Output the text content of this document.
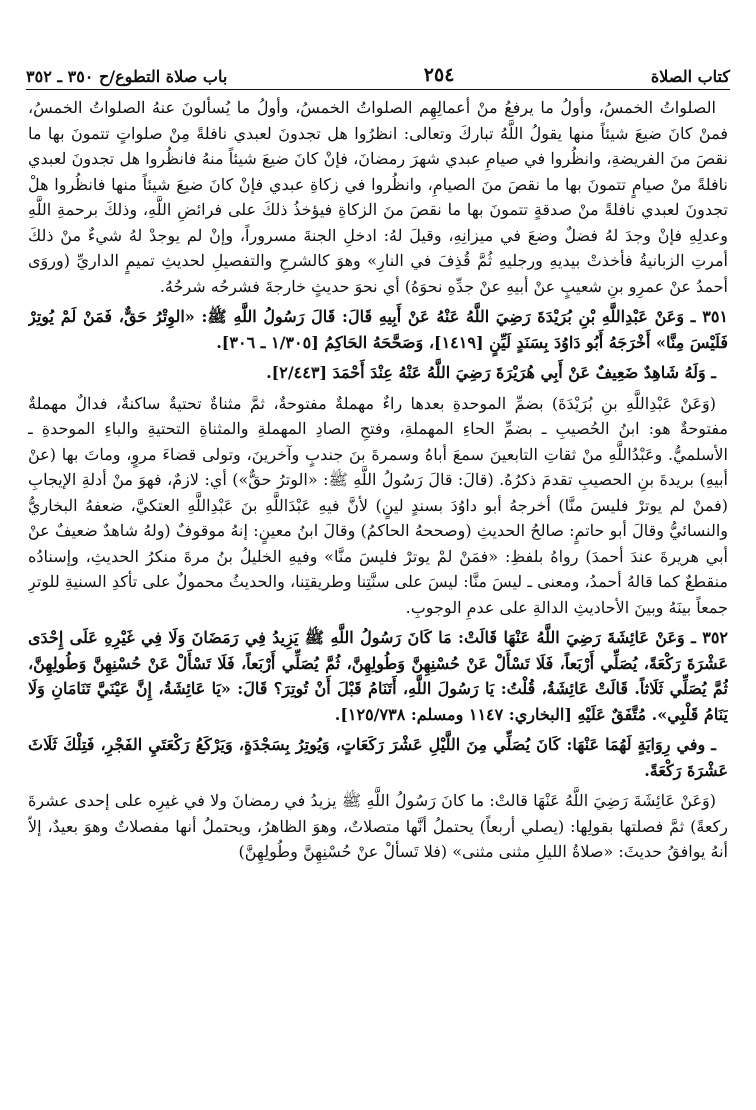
كتاب الصلاة
٢٥٤
باب صلاة التطوع/ح ٣٥٠ ـ ٣٥٢

الصلواتُ الخمسُ، وأولُ ما يرفعُ منْ أعمالِهِم الصلواتُ الخمسُ، وأولُ ما يُسألونَ عنهُ الصلواتُ الخمسُ، فمنْ كانَ ضيعَ شيئاً منها يقولُ اللَّهُ تباركَ وتعالى: انظرُوا هل تجدونَ لعبدي نافلةً مِنْ صلواتٍ تتمونَ بها ما نقصَ منَ الفريضةِ، وانظُروا في صيامِ عبدي شهرَ رمضانَ، فإنْ كانَ ضيعَ شيئاً منهُ فانظُروا هل تجدونَ لعبدي نافلةً منْ صيامٍ تتمونَ بها ما نقصَ منَ الصيامِ، وانظُروا في زكاةِ عبدي فإنْ كانَ ضيعَ شيئاً منها فانظُروا هلْ تجدونَ لعبدي نافلةً منْ صدقةٍ تتمونَ بها ما نقصَ منَ الزكاةِ فيؤخذُ ذلكَ على فرائضِ اللَّهِ، وذلكَ برحمةِ اللَّهِ وعدلِهِ فإنْ وجدَ لهُ فضلٌ وضعَ في ميزانِهِ، وقيلَ لهُ: ادخلِ الجنةَ مسروراً، وإنْ لم يوجدْ لهُ شيءٌ منْ ذلكَ أمرتِ الزبانيةُ فأخذتْ بيديهِ ورجليهِ ثُمَّ قُذِفَ في النارِ» وهوَ كالشرحِ والتفصيلِ لحديثِ تميمٍ الداريِّ (وروَى أحمدُ عنْ عمرِو بنِ شعيبٍ عنْ أبيهِ عنْ جدِّهِ نحوَهُ) أي نحوَ حديثٍ خارجةَ فشرحُه شرحُهُ.

٣٥١ ـ وَعَنْ عَبْدِاللَّهِ بْنِ بُرَيْدَةَ رَضِيَ اللَّهُ عَنْهُ عَنْ أَبِيهِ قَالَ: قَالَ رَسُولُ اللَّهِ ﷺ: «الوِتْرُ حَقٌّ، فَمَنْ لَمْ يُوتِرْ فَلَيْسَ مِنَّا» أَخْرَجَهُ أَبُو دَاوُدَ بِسَنَدٍ لَيِّنٍ [١٤١٩]، وَصَحَّحَهُ الحَاكِمُ [١/٣٠٥ ـ ٣٠٦].

ـ وَلَهُ شَاهِدٌ ضَعِيفٌ عَنْ أَبِي هُرَيْرَةَ رَضِيَ اللَّهُ عَنْهُ عِنْدَ أَحْمَدَ [٢/٤٤٣].

(وَعَنْ عَبْدِاللَّهِ بنِ بُرَيْدَةَ) بضمِّ الموحدةِ بعدها راءٌ مهملةٌ مفتوحةٌ، ثمَّ مثناةٌ تحتيةٌ ساكنةٌ، فدالٌ مهملةٌ مفتوحةٌ هو: ابنُ الحُصيبِ ـ بضمِّ الحاءِ المهملةِ، وفتحِ الصادِ المهملةِ والمثناةِ التحتيةِ والباءِ الموحدةِ ـ الأسلميُّ. وعَبْدُاللَّهِ منْ ثقاتِ التابعينَ سمعَ أباهُ وسمرةَ بنَ جندبٍ وآخرينَ، وتولى قضاءَ مروٍ، وماتَ بها (عنْ أبيهِ) بريدةَ بنِ الحصيبِ تقدمَ ذكرُهُ. (قالَ: قالَ رَسُولُ اللَّهِ ﷺ: «الوترُ حقٌّ») أي: لازمٌ، فهوَ منْ أدلةِ الإيجابِ (فمنْ لم يوترْ فليسَ منَّا) أخرجهُ أبو داوُدَ بسندٍ لينٍ) لأنَّ فيهِ عَبْدَاللَّهِ بنَ عَبْدِاللَّهِ العتكيَّ، ضعفهُ البخاريُّ والنسائيُّ وقالَ أبو حاتمٍ: صالحُ الحديثِ (وصححهُ الحاكمُ) وقالَ ابنُ معينٍ: إنهُ موقوفٌ (ولهُ شاهدٌ ضعيفٌ عنْ أبي هريرةَ عندَ أحمدَ) رواهُ بلفظِ: «فمَنْ لمْ يوترْ فليسَ منَّا» وفيهِ الخليلُ بنُ مرةَ منكرُ الحديثِ، وإسنادُه منقطعٌ كما قالهُ أحمدُ، ومعنى ـ ليسَ منَّا: ليسَ على سنَّتِنا وطريقتِنا، والحديثُ محمولٌ على تأكدِ السنيةِ للوترِ جمعاً بينَهُ وبينَ الأحاديثِ الدالةِ على عدمِ الوجوبِ.

٣٥٢ ـ وَعَنْ عَائِشَةَ رَضِيَ اللَّهُ عَنْهَا قَالَتْ: مَا كَانَ رَسُولُ اللَّهِ ﷺ يَزِيدُ فِي رَمَضَانَ وَلَا فِي غَيْرِهِ عَلَى إِحْدَى عَشْرَةَ رَكْعَةً، يُصَلِّي أَرْبَعاً، فَلَا تَسْأَلْ عَنْ حُسْنِهِنَّ وَطُولِهِنَّ، ثُمَّ يُصَلِّي أَرْبَعاً، فَلَا تَسْأَلْ عَنْ حُسْنِهِنَّ وَطُولِهِنَّ، ثُمَّ يُصَلِّي ثَلَاثاً. قَالَتْ عَائِشَةُ، قُلْتُ: يَا رَسُولَ اللَّهِ، أَتَنَامُ قَبْلَ أَنْ تُوتِرَ؟ قَالَ: «يَا عَائِشَةُ، إِنَّ عَيْنَيَّ تَنَامَانِ وَلَا يَنَامُ قَلْبِي». مُتَّفَقٌ عَلَيْهِ [البخاري: ١١٤٧ ومسلم: ١٢٥/٧٣٨].

ـ وفي رِوَايَةٍ لَهُمَا عَنْهَا: كَانَ يُصَلِّي مِنَ اللَّيْلِ عَشْرَ رَكَعَاتٍ، وَيُوتِرُ بِسَجْدَةٍ، وَيَرْكَعُ رَكْعَتَيِ الفَجْرِ، فَتِلْكَ ثَلَاثَ عَشْرَةَ رَكْعَةً.

(وَعَنْ عَائِشَةَ رَضِيَ اللَّهُ عَنْهَا قالتْ: ما كانَ رَسُولُ اللَّهِ ﷺ يزيدُ في رمضانَ ولا في غيرِه على إحدى عشرةَ ركعةً) ثمَّ فصلتها بقولِها: (يصلي أربعاً) يحتملُ أنَّها متصلاتٌ، وهوَ الظاهرُ، ويحتملُ أنها مفصلاتٌ وهوَ بعيدٌ، إلاّ أنهُ يوافقُ حديثَ: «صلاةُ الليلِ مثنى مثنى» (فلا تَسألْ عنْ حُسْنِهِنَّ وطُولِهِنَّ)
